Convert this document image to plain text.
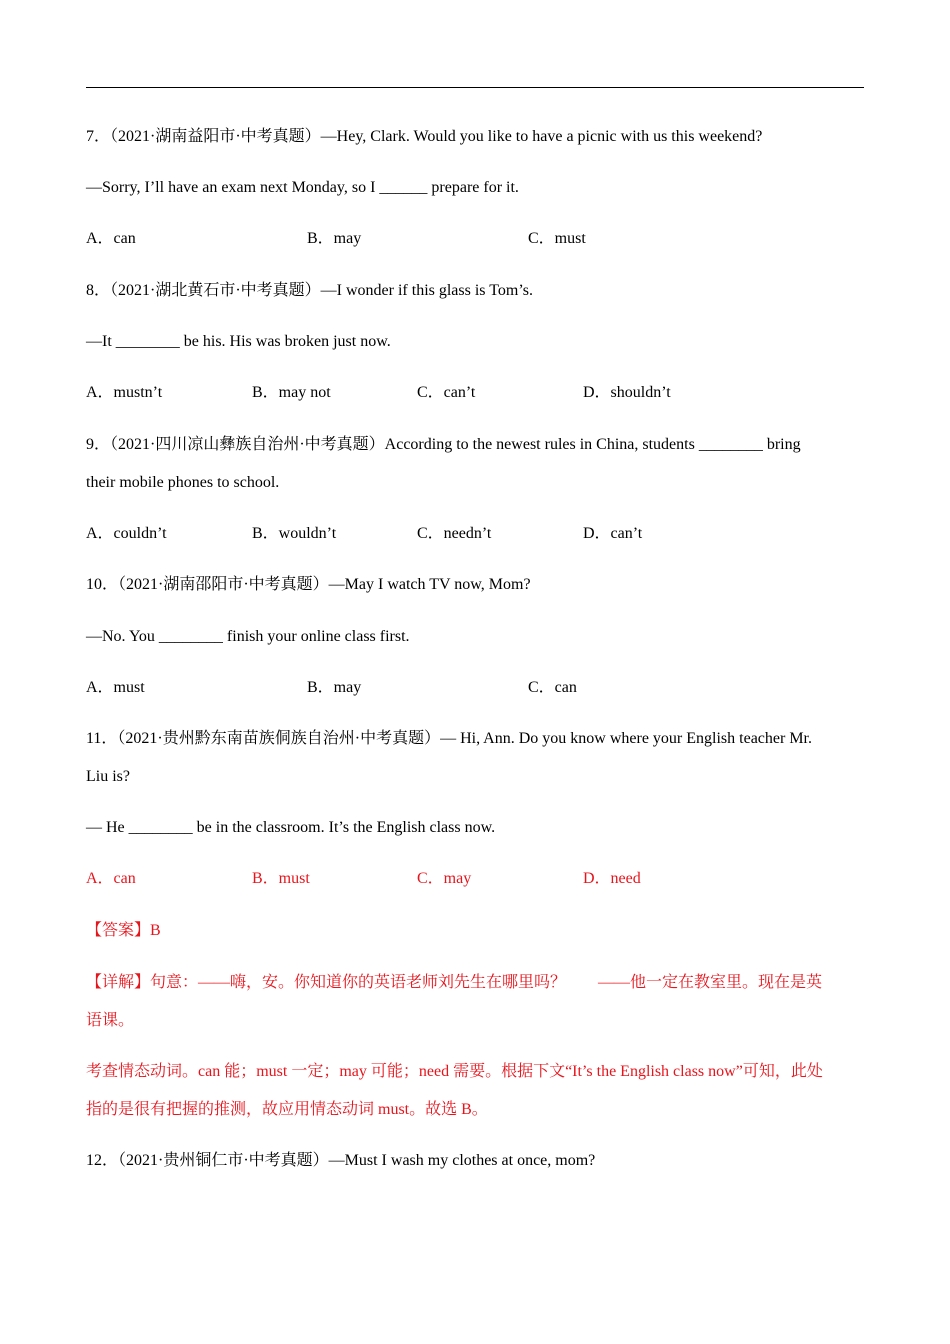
7．（2021·湖南益阳市·中考真题）—Hey, Clark. Would you like to have a picnic with us this weekend?
—Sorry, I’ll have an exam next Monday, so I ______ prepare for it.
A．can	B．may	C．must
8．（2021·湖北黄石市·中考真题）—I wonder if this glass is Tom’s.
—It ________ be his. His was broken just now.
A．mustn’t	B．may not	C．can’t	D．shouldn’t
9．（2021·四川凉山彝族自治州·中考真题）According to the newest rules in China, students ________ bring
their mobile phones to school.
A．couldn’t	B．wouldn’t	C．needn’t	D．can’t
10．（2021·湖南邵阳市·中考真题）—May I watch TV now, Mom?
—No. You ________ finish your online class first.
A．must	B．may	C．can
11．（2021·贵州黔东南苗族侗族自治州·中考真题）— Hi, Ann. Do you know where your English teacher Mr.
Liu is?
— He ________ be in the classroom. It’s the English class now.
A．can	B．must	C．may	D．need
【答案】B
【详解】句意：——嗨，安。你知道你的英语老师刘先生在哪里吗？　　——他一定在教室里。现在是英
语课。
考查情态动词。can 能；must 一定；may 可能；need 需要。根据下文“It’s the English class now”可知，此处
指的是很有把握的推测，故应用情态动词 must。故选 B。
12．（2021·贵州铜仁市·中考真题）—Must I wash my clothes at once, mom?
